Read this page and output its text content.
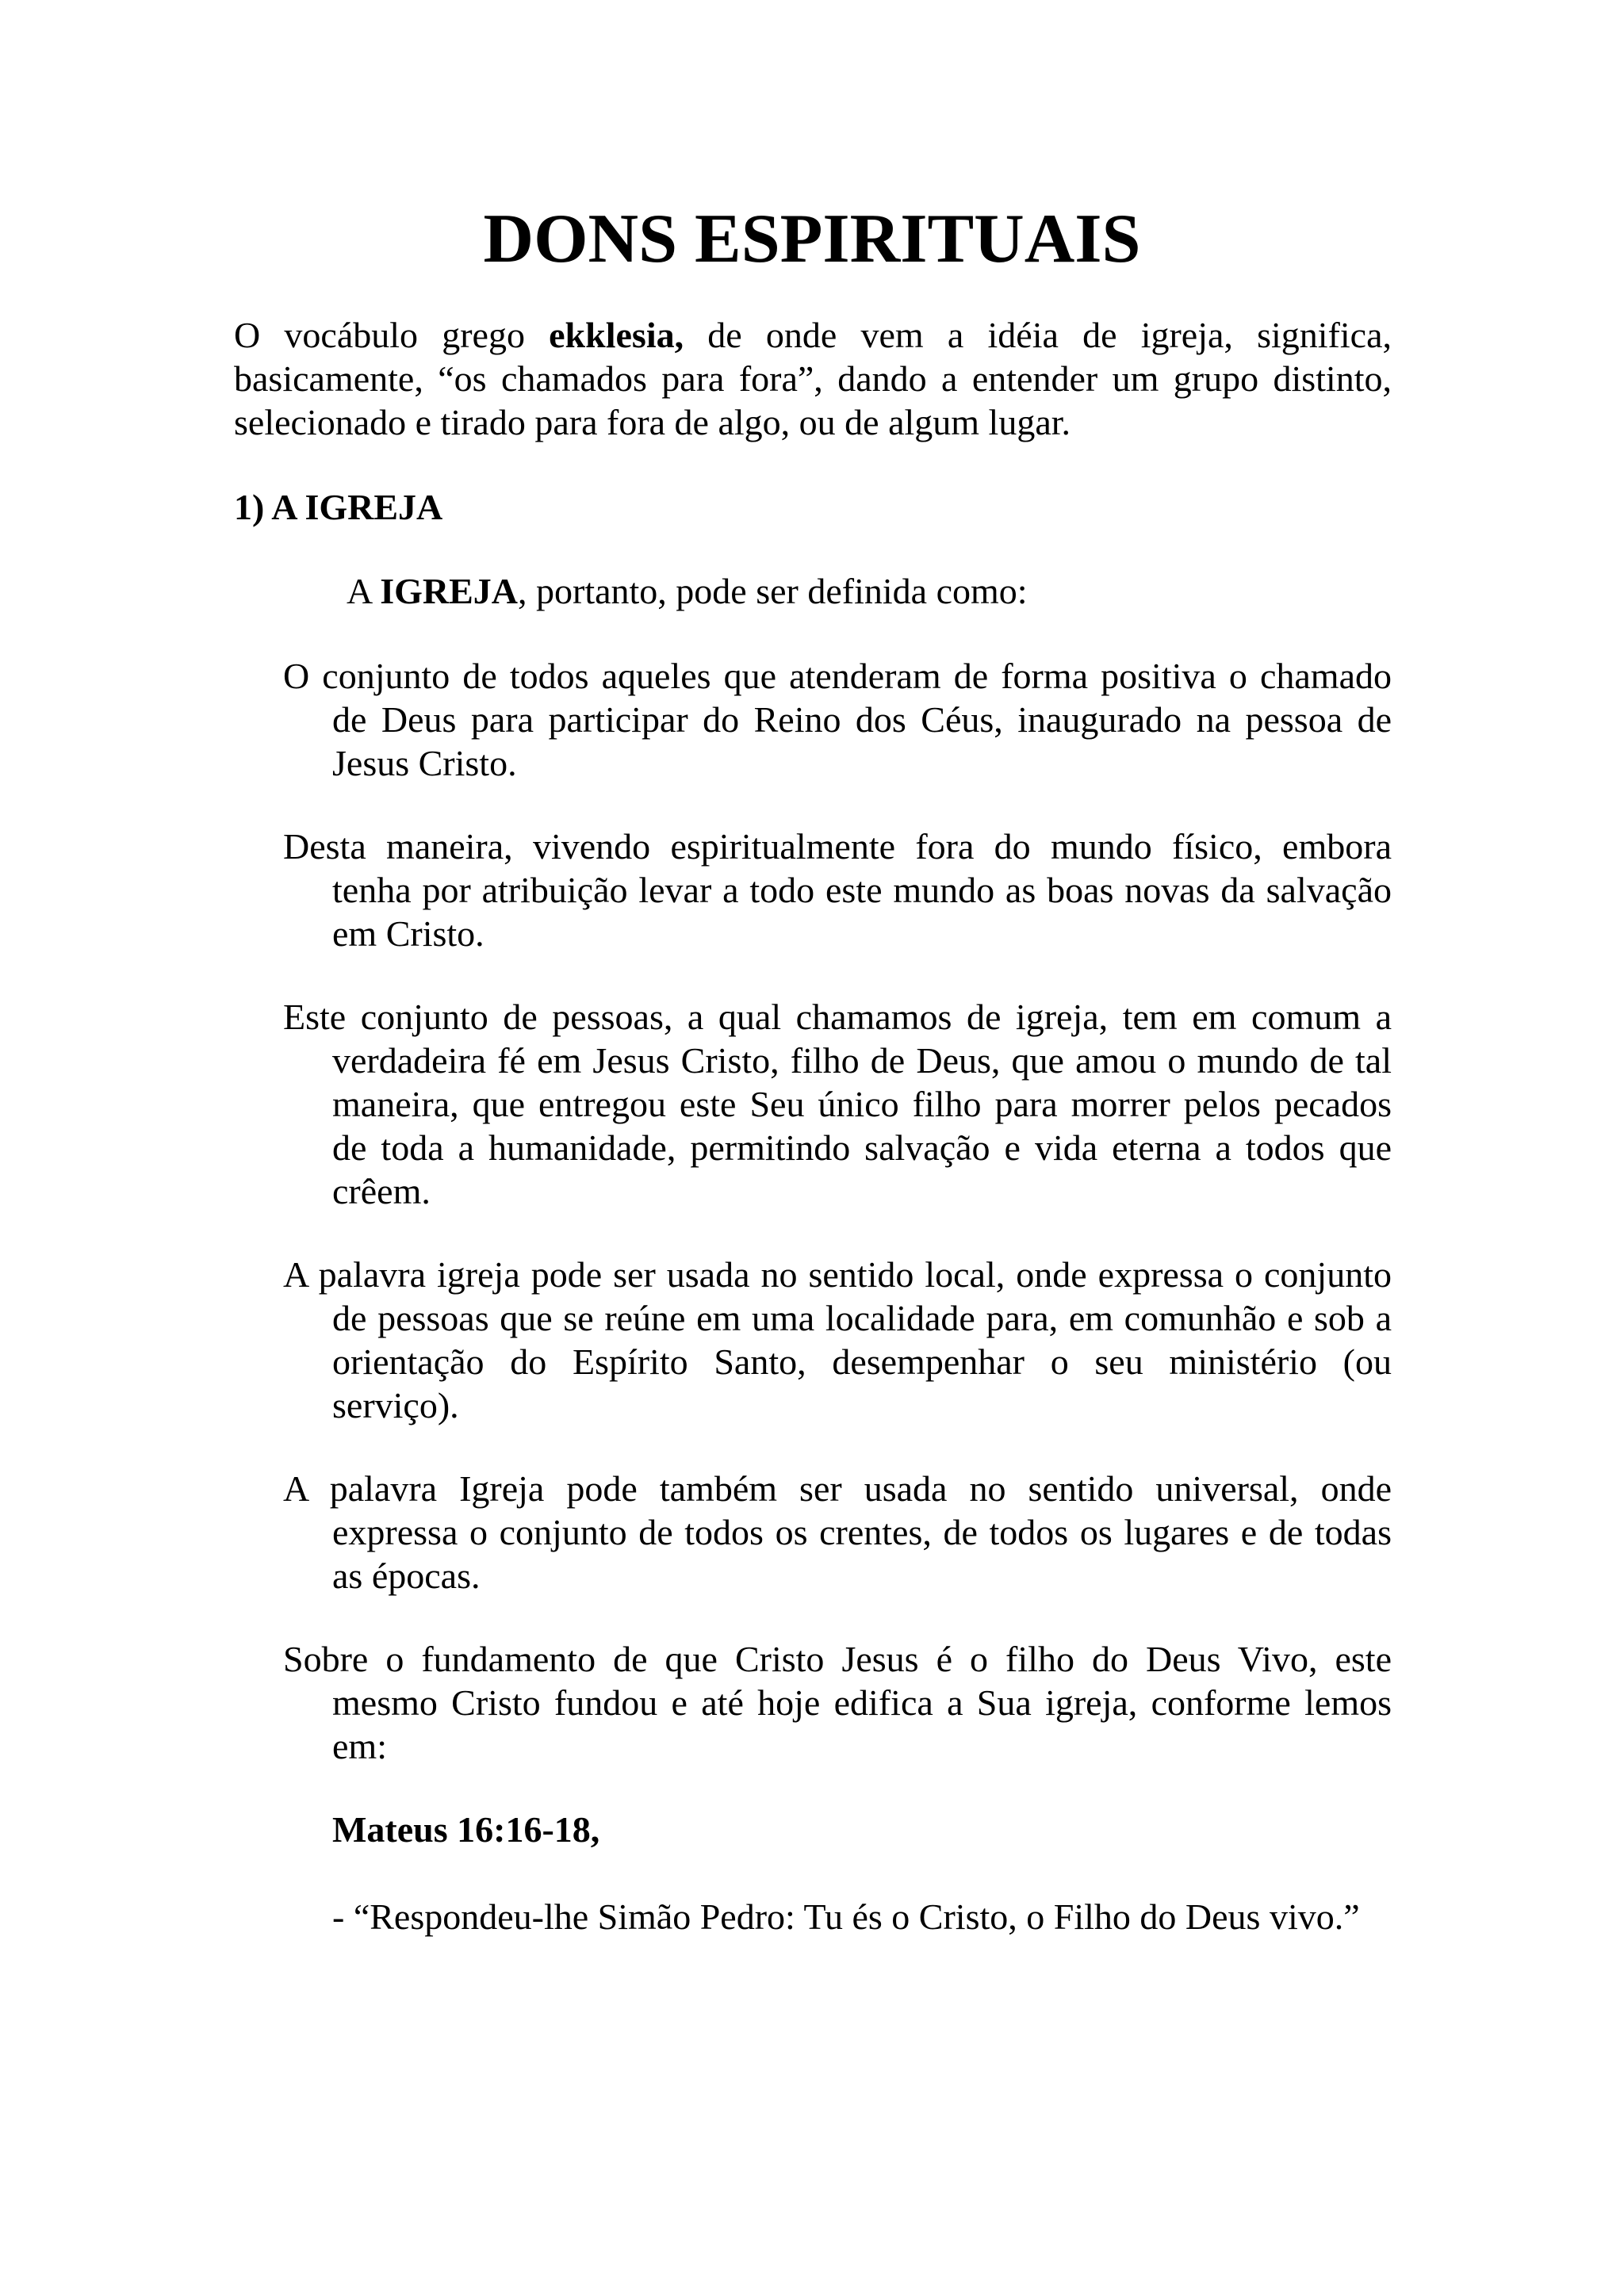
DONS ESPIRITUAIS

O vocábulo grego ekklesia, de onde vem a idéia de igreja, significa, basicamente, “os chamados para fora”, dando a entender um grupo distinto, selecionado e tirado para fora de algo, ou de algum lugar.

1) A IGREJA

A IGREJA, portanto, pode ser definida como:

O conjunto de todos aqueles que atenderam de forma positiva o chamado de Deus para participar do Reino dos Céus, inaugurado na pessoa de Jesus Cristo.

Desta maneira, vivendo espiritualmente fora do mundo físico, embora tenha por atribuição levar a todo este mundo as boas novas da salvação em Cristo.

Este conjunto de pessoas, a qual chamamos de igreja, tem em comum a verdadeira fé em Jesus Cristo, filho de Deus, que amou o mundo de tal maneira, que entregou este Seu único filho para morrer pelos pecados de toda a humanidade, permitindo salvação e vida eterna a todos que crêem.

A palavra igreja pode ser usada no sentido local, onde expressa o conjunto de pessoas que se reúne em uma localidade para, em comunhão e sob a orientação do Espírito Santo, desempenhar o seu ministério (ou serviço).

A palavra Igreja pode também ser usada no sentido universal, onde expressa o conjunto de todos os crentes, de todos os lugares e de todas as épocas.

Sobre o fundamento de que Cristo Jesus é o filho do Deus Vivo, este mesmo Cristo fundou e até hoje edifica a Sua igreja, conforme lemos em:

Mateus 16:16-18,

- “Respondeu-lhe Simão Pedro: Tu és o Cristo, o Filho do Deus vivo.”
